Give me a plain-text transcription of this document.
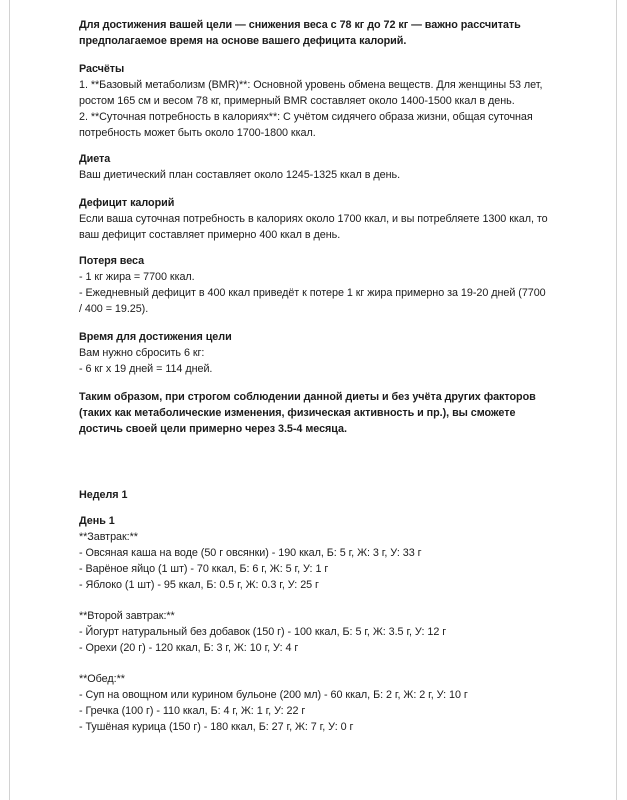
Для достижения вашей цели — снижения веса с 78 кг до 72 кг — важно рассчитать предполагаемое время на основе вашего дефицита калорий.

Расчёты

1. **Базовый метаболизм (BMR)**: Основной уровень обмена веществ. Для женщины 53 лет, ростом 165 см и весом 78 кг, примерный BMR составляет около 1400-1500 ккал в день.

2. **Суточная потребность в калориях**: С учётом сидячего образа жизни, общая суточная потребность может быть около 1700-1800 ккал.

Диета

Ваш диетический план составляет около 1245-1325 ккал в день.

Дефицит калорий

Если ваша суточная потребность в калориях около 1700 ккал, и вы потребляете 1300 ккал, то ваш дефицит составляет примерно 400 ккал в день.

Потеря веса

- 1 кг жира = 7700 ккал.

- Ежедневный дефицит в 400 ккал приведёт к потере 1 кг жира примерно за 19-20 дней (7700 / 400 = 19.25).

Время для достижения цели

Вам нужно сбросить 6 кг:

- 6 кг x 19 дней = 114 дней.

Таким образом, при строгом соблюдении данной диеты и без учёта других факторов (таких как метаболические изменения, физическая активность и пр.), вы сможете достичь своей цели примерно через 3.5-4 месяца.

Неделя 1

День 1

**Завтрак:**

- Овсяная каша на воде (50 г овсянки) - 190 ккал, Б: 5 г, Ж: 3 г, У: 33 г

- Варёное яйцо (1 шт) - 70 ккал, Б: 6 г, Ж: 5 г, У: 1 г

- Яблоко (1 шт) - 95 ккал, Б: 0.5 г, Ж: 0.3 г, У: 25 г

**Второй завтрак:**

- Йогурт натуральный без добавок (150 г) - 100 ккал, Б: 5 г, Ж: 3.5 г, У: 12 г

- Орехи (20 г) - 120 ккал, Б: 3 г, Ж: 10 г, У: 4 г

**Обед:**

- Суп на овощном или курином бульоне (200 мл) - 60 ккал, Б: 2 г, Ж: 2 г, У: 10 г

- Гречка (100 г) - 110 ккал, Б: 4 г, Ж: 1 г, У: 22 г

- Тушёная курица (150 г) - 180 ккал, Б: 27 г, Ж: 7 г, У: 0 г
